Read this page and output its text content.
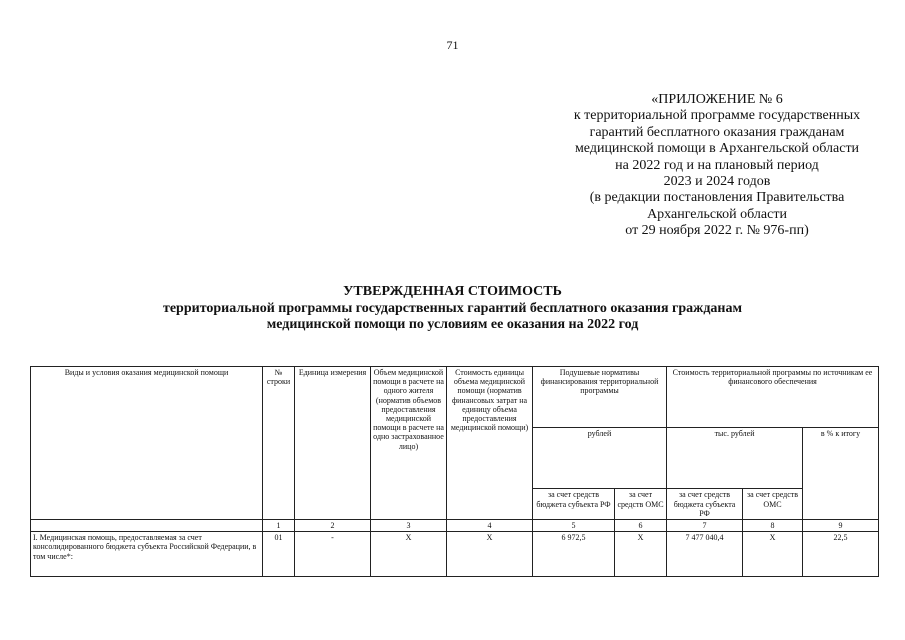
71
«ПРИЛОЖЕНИЕ № 6
к территориальной программе государственных
гарантий бесплатного оказания гражданам
медицинской помощи в Архангельской области
на 2022 год и на плановый период
2023 и 2024 годов
(в редакции постановления Правительства
Архангельской области
от 29 ноября 2022 г. № 976-пп)
УТВЕРЖДЕННАЯ СТОИМОСТЬ
территориальной программы государственных гарантий бесплатного оказания гражданам
медицинской помощи по условиям ее оказания на 2022 год
Виды и условия оказания медицинской помощи	№ строки	Единица измерения	Объем медицинской помощи в расчете на одного жителя (норматив объемов предоставления медицинской помощи в расчете на одно застрахованное лицо)	Стоимость единицы объема медицинской помощи (норматив финансовых затрат на единицу объема предоставления медицинской помощи)	Подушевые нормативы финансирования территориальной программы		Стоимость территориальной программы по источникам ее финансового обеспечения		
					рублей		тыс. рублей		в % к итогу
					за счет средств бюджета субъекта РФ	за счет средств ОМС	за счет средств бюджета субъекта РФ	за счет средств ОМС	
	1	2	3	4	5	6	7	8	9
I. Медицинская помощь, предоставляемая за счет консолидированного бюджета субъекта Российской Федерации, в том числе*:	01	-	X	X	6 972,5	X	7 477 040,4	X	22,5
